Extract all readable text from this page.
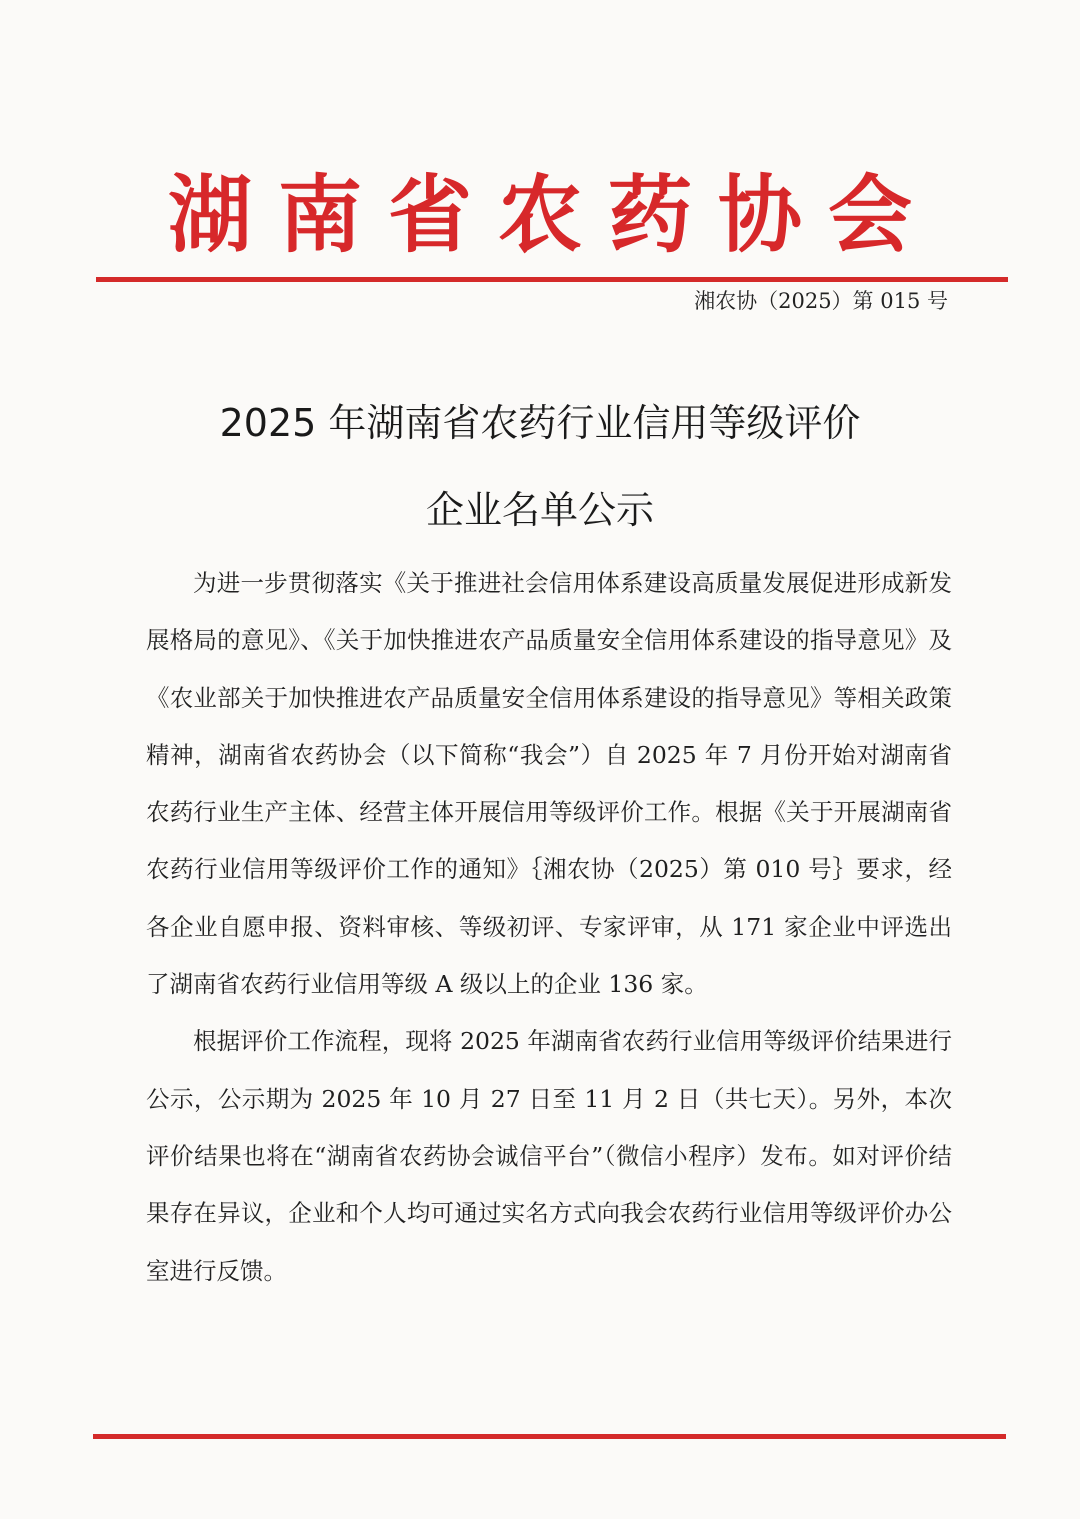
湖南省农药协会
湘农协（2025）第 015 号
2025 年湖南省农药行业信用等级评价
企业名单公示

为进一步贯彻落实《关于推进社会信用体系建设高质量发展促进形成新发展格局的意见》、《关于加快推进农产品质量安全信用体系建设的指导意见》及《农业部关于加快推进农产品质量安全信用体系建设的指导意见》等相关政策精神，湖南省农药协会（以下简称“我会”）自 2025 年 7 月份开始对湖南省农药行业生产主体、经营主体开展信用等级评价工作。根据《关于开展湖南省农药行业信用等级评价工作的通知》｛湘农协（2025）第 010 号｝要求，经各企业自愿申报、资料审核、等级初评、专家评审，从 171 家企业中评选出了湖南省农药行业信用等级 A 级以上的企业 136 家。

根据评价工作流程，现将 2025 年湖南省农药行业信用等级评价结果进行公示，公示期为 2025 年 10 月 27 日至 11 月 2 日（共七天）。另外，本次评价结果也将在“湖南省农药协会诚信平台”（微信小程序）发布。如对评价结果存在异议，企业和个人均可通过实名方式向我会农药行业信用等级评价办公室进行反馈。
